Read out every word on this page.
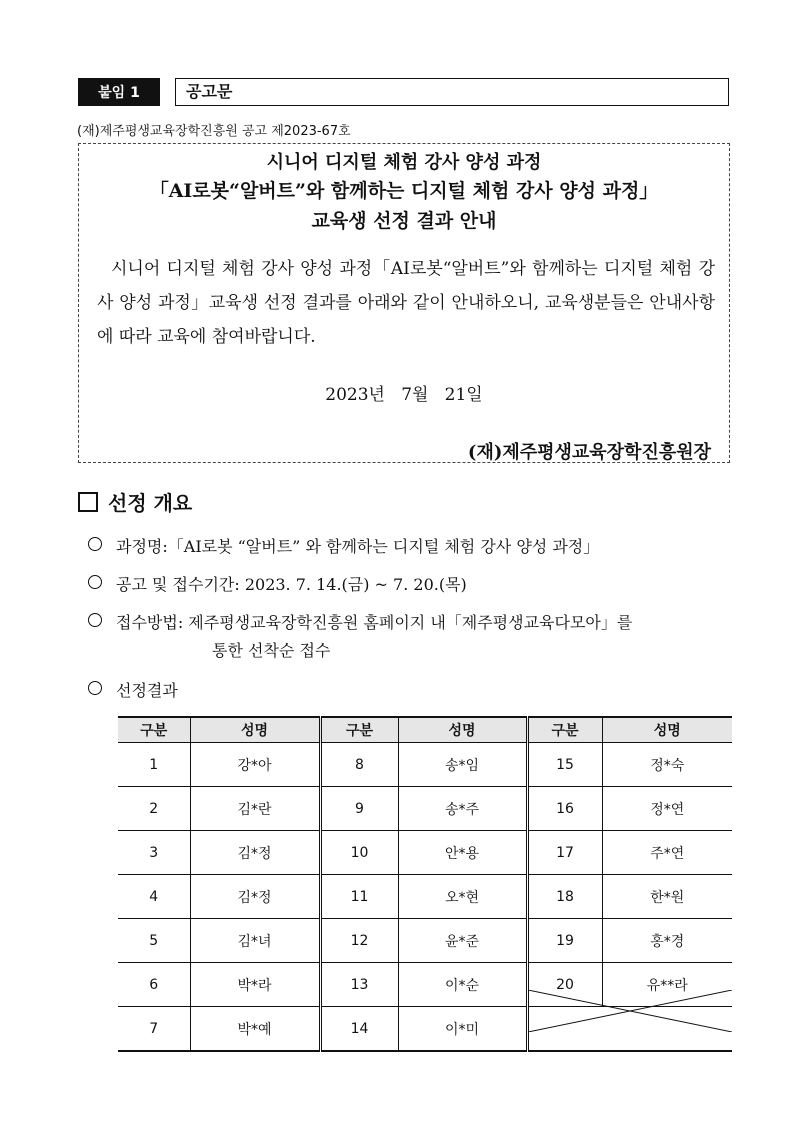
붙임 1	공고문
(재)제주평생교육장학진흥원 공고 제2023-67호
시니어 디지털 체험 강사 양성 과정
「AI로봇“알버트”와 함께하는 디지털 체험 강사 양성 과정」
교육생 선정 결과 안내
시니어 디지털 체험 강사 양성 과정「AI로봇“알버트”와 함께하는 디지털 체험 강사 양성 과정」교육생 선정 결과를 아래와 같이 안내하오니, 교육생분들은 안내사항에 따라 교육에 참여바랍니다.
2023년   7월   21일
(재)제주평생교육장학진흥원장
선정 개요
과정명:「AI로봇 “알버트” 와 함께하는 디지털 체험 강사 양성 과정」
공고 및 접수기간: 2023. 7. 14.(금) ~ 7. 20.(목)
접수방법: 제주평생교육장학진흥원 홈페이지 내「제주평생교육다모아」를
통한 선착순 접수
선정결과
구분	성명	구분	성명	구분	성명
1	강*아	8	송*임	15	정*숙
2	김*란	9	송*주	16	정*연
3	김*정	10	안*용	17	주*연
4	김*정	11	오*현	18	한*원
5	김*녀	12	윤*준	19	홍*경
6	박*라	13	이*순	20	유**라
7	박*예	14	이*미		
